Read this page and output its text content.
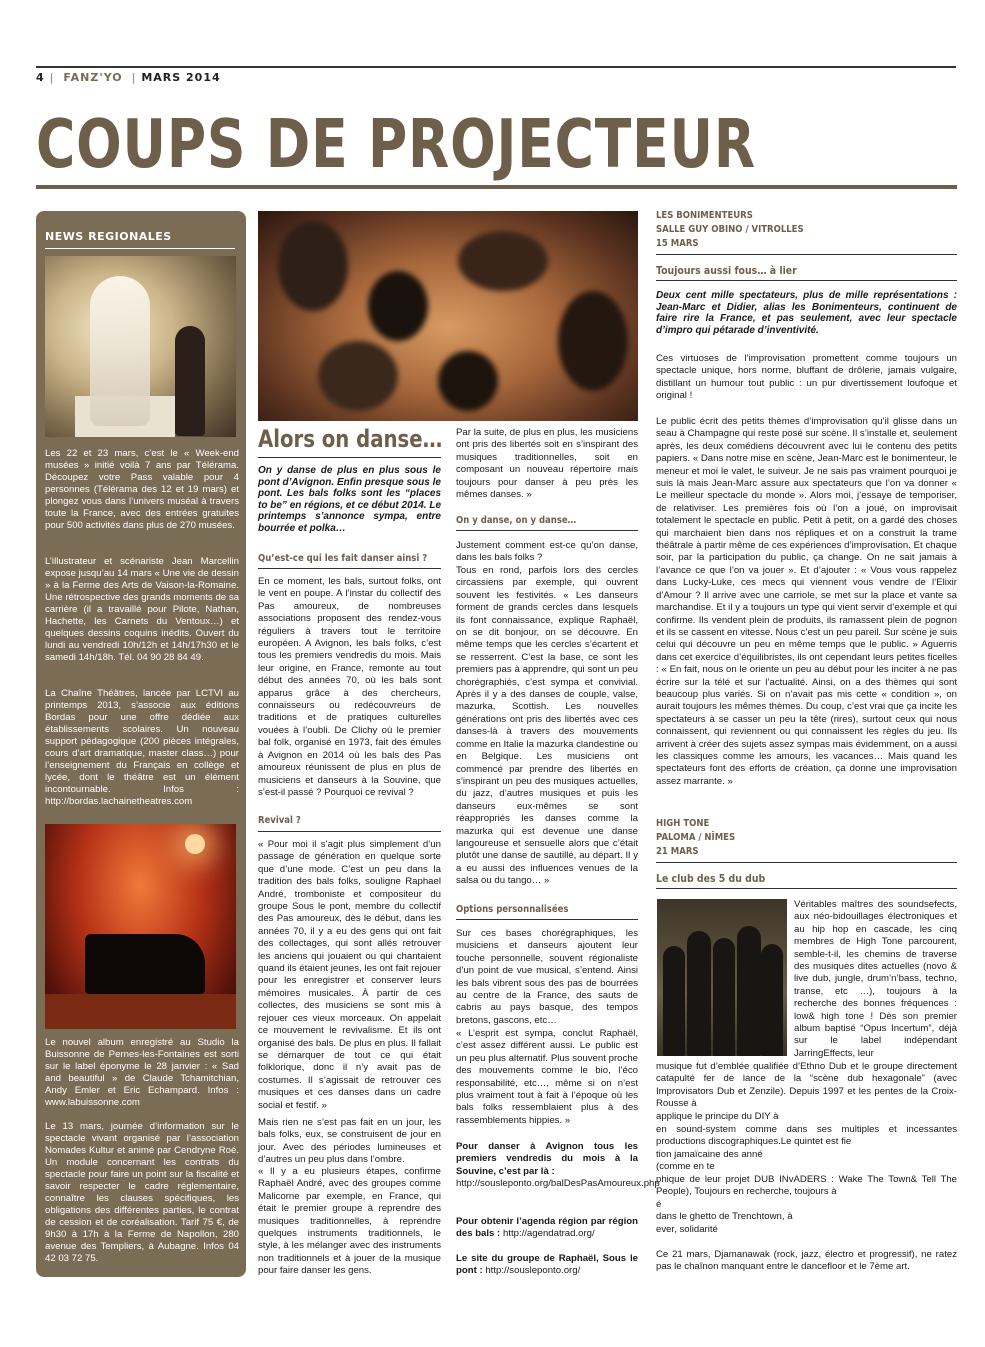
4 | FANZ'YO | MARS 2014
COUPS DE PROJECTEUR
NEWS REGIONALES
Les 22 et 23 mars, c’est le « Week-end musées » initié voilà 7 ans par Télérama. Découpez votre Pass valable pour 4 personnes (Télérama des 12 et 19 mars) et plongez vous dans l’univers muséal à travers toute la France, avec des entrées gratuites pour 500 activités dans plus de 270 musées.
L’illustrateur et scénariste Jean Marcellin expose jusqu’au 14 mars « Une vie de dessin » à la Ferme des Arts de Vaison-la-Romaine. Une rétrospective des grands moments de sa carrière (il a travaillé pour Pilote, Nathan, Hachette, les Carnets du Ventoux…) et quelques dessins coquins inédits. Ouvert du lundi au vendredi 10h/12h et 14h/17h30 et le samedi 14h/18h. Tél. 04 90 28 84 49.
La Chaîne Théâtres, lancée par LCTVI au printemps 2013, s’associe aux éditions Bordas pour une offre dédiée aux établissements scolaires. Un nouveau support pédagogique (200 pièces intégrales, cours d’art dramatique, master class…) pour l’enseignement du Français en collège et lycée, dont le théâtre est un élément incontournable. Infos : http://bordas.lachainetheatres.com
Le nouvel album enregistré au Studio la Buissonne de Pernes-les-Fontaines est sorti sur le label éponyme le 28 janvier : « Sad and beautiful » de Claude Tchamitchian, Andy Emler et Eric Echampard. Infos : www.labuissonne.com
Le 13 mars, journée d’information sur le spectacle vivant organisé par l’association Nomades Kultur et animé par Cendryne Roé. Un module concernant les contrats du spectacle pour faire un point sur la fiscalité et savoir respecter le cadre réglementaire, connaître les clauses spécifiques, les obligations des différentes parties, le contrat de cession et de coréalisation. Tarif 75 €, de 9h30 à 17h à la Ferme de Napollon, 280 avenue des Templiers, à Aubagne. Infos 04 42 03 72 75.
Alors on danse…
On y danse de plus en plus sous le pont d’Avignon. Enfin presque sous le pont. Les bals folks sont les “places to be” en régions, et ce début 2014. Le printemps s’annonce sympa, entre bourrée et polka…
Qu’est-ce qui les fait danser ainsi ?
En ce moment, les bals, surtout folks, ont le vent en poupe. A l’instar du collectif des Pas amoureux, de nombreuses associations proposent des rendez-vous réguliers à travers tout le territoire européen. A Avignon, les bals folks, c’est tous les premiers vendredis du mois. Mais leur origine, en France, remonte au tout début des années 70, où les bals sont apparus grâce à des chercheurs, connaisseurs ou redécouvreurs de traditions et de pratiques culturelles vouées à l’oubli. De Clichy où le premier bal folk, organisé en 1973, fait des émules à Avignon en 2014 où les bals des Pas amoureux réunissent de plus en plus de musiciens et danseurs à la Souvine, que s’est-il passé ? Pourquoi ce revival ?
Revival ?
« Pour moi il s’agit plus simplement d’un passage de génération en quelque sorte que d’une mode. C’est un peu dans la tradition des bals folks, souligne Raphael André, tromboniste et compositeur du groupe Sous le pont, membre du collectif des Pas amoureux, dès le début, dans les années 70, il y a eu des gens qui ont fait des collectages, qui sont allés retrouver les anciens qui jouaient ou qui chantaient quand ils étaient jeunes, les ont fait rejouer pour les enregistrer et conserver leurs mémoires musicales. À partir de ces collectes, des musiciens se sont mis à rejouer ces vieux morceaux. On appelait ce mouvement le revivalisme. Et ils ont organisé des bals. De plus en plus. Il fallait se démarquer de tout ce qui était folklorique, donc il n’y avait pas de costumes. Il s’agissait de retrouver ces musiques et ces danses dans un cadre social et festif. »
Mais rien ne s’est pas fait en un jour, les bals folks, eux, se construisent de jour en jour. Avec des périodes lumineuses et d’autres un peu plus dans l’ombre.
« Il y a eu plusieurs étapes, confirme Raphaël André, avec des groupes comme Malicorne par exemple, en France, qui était le premier groupe à reprendre des musiques traditionnelles, à reprendre quelques instruments traditionnels, le style, à les mélanger avec des instruments non traditionnels et à jouer de la musique pour faire danser les gens.
Par la suite, de plus en plus, les musiciens ont pris des libertés soit en s’inspirant des musiques traditionnelles, soit en composant un nouveau répertoire mais toujours pour danser à peu près les mêmes danses. »
On y danse, on y danse…
Justement comment est-ce qu’on danse, dans les bals folks ?
Tous en rond, parfois lors des cercles circassiens par exemple, qui ouvrent souvent les festivités. « Les danseurs forment de grands cercles dans lesquels ils font connaissance, explique Raphaël, on se dit bonjour, on se découvre. En même temps que les cercles s’écartent et se resserrent. C’est la base, ce sont les premiers pas à apprendre, qui sont un peu chorégraphiés, c’est sympa et convivial. Après il y a des danses de couple, valse, mazurka, Scottish. Les nouvelles générations ont pris des libertés avec ces danses-là à travers des mouvements comme en Italie la mazurka clandestine ou en Belgique. Les musiciens ont commencé par prendre des libertés en s’inspirant un peu des musiques actuelles, du jazz, d’autres musiques et puis les danseurs eux-mêmes se sont réappropriés les danses comme la mazurka qui est devenue une danse langoureuse et sensuelle alors que c’était plutôt une danse de sautillé, au départ. Il y a eu aussi des influences venues de la salsa ou du tango… »
Options personnalisées
Sur ces bases chorégraphiques, les musiciens et danseurs ajoutent leur touche personnelle, souvent régionaliste d’un point de vue musical, s’entend. Ainsi les bals vibrent sous des pas de bourrées au centre de la France, des sauts de cabris au pays basque, des tempos bretons, gascons, etc…
« L’esprit est sympa, conclut Raphaël, c’est assez différent aussi. Le public est un peu plus alternatif. Plus souvent proche des mouvements comme le bio, l’éco responsabilité, etc…, même si on n’est plus vraiment tout à fait à l’époque où les bals folks ressemblaient plus à des rassemblements hippies. »
Pour danser à Avignon tous les premiers vendredis du mois à la Souvine, c’est par là :
http://sousleponto.org/balDesPasAmoureux.php
Pour obtenir l’agenda région par région des bals : http://agendatrad.org/
Le site du groupe de Raphaël, Sous le pont : http://sousleponto.org/
LES BONIMENTEURS
SALLE GUY OBINO / VITROLLES
15 MARS
Toujours aussi fous… à lier
Deux cent mille spectateurs, plus de mille représentations : Jean-Marc et Didier, alias les Bonimenteurs, continuent de faire rire la France, et pas seulement, avec leur spectacle d’impro qui pétarade d’inventivité.
Ces virtuoses de l’improvisation promettent comme toujours un spectacle unique, hors norme, bluffant de drôlerie, jamais vulgaire, distillant un humour tout public : un pur divertissement loufoque et original !
Le public écrit des petits thèmes d’improvisation qu’il glisse dans un seau à Champagne qui reste posé sur scène. Il s’installe et, seulement après, les deux comédiens découvrent avec lui le contenu des petits papiers. « Dans notre mise en scène, Jean-Marc est le bonimenteur, le meneur et moi le valet, le suiveur. Je ne sais pas vraiment pourquoi je suis là mais Jean-Marc assure aux spectateurs que l’on va donner « Le meilleur spectacle du monde ». Alors moi, j’essaye de temporiser, de relativiser. Les premières fois où l’on a joué, on improvisait totalement le spectacle en public. Petit à petit, on a gardé des choses qui marchaient bien dans nos répliques et on a construit la trame théâtrale à partir même de ces expériences d’improvisation. Et chaque soir, par la participation du public, ça change. On ne sait jamais à l’avance ce que l’on va jouer ». Et d’ajouter : « Vous vous rappelez dans Lucky-Luke, ces mecs qui viennent vous vendre de l’Elixir d’Amour ? Il arrive avec une carriole, se met sur la place et vante sa marchandise. Et il y a toujours un type qui vient servir d’exemple et qui confirme. Ils vendent plein de produits, ils ramassent plein de pognon et ils se cassent en vitesse. Nous c’est un peu pareil. Sur scène je suis celui qui découvre un peu en même temps que le public. » Aguerris dans cet exercice d’équilibristes, ils ont cependant leurs petites ficelles : « En fait, nous on le oriente un peu au début pour les inciter à ne pas écrire sur la télé et sur l’actualité. Ainsi, on a des thèmes qui sont beaucoup plus variés. Si on n’avait pas mis cette « condition », on aurait toujours les mêmes thèmes. Du coup, c’est vrai que ça incite les spectateurs à se casser un peu la tête (rires), surtout ceux qui nous connaissent, qui reviennent ou qui connaissent les règles du jeu. Ils arrivent à créer des sujets assez sympas mais évidemment, on a aussi les classiques comme les amours, les vacances… Mais quand les spectateurs font des efforts de création, ça donne une improvisation assez marrante. »
HIGH TONE
PALOMA / NÎMES
21 MARS
Le club des 5 du dub
Véritables maîtres des soundsefects, aux néo-bidouillages électroniques et au hip hop en cascade, les cinq membres de High Tone parcourent, semble-t-il, les chemins de traverse des musiques dites actuelles (novo & live dub, jungle, drum’n’bass, techno, transe, etc …), toujours à la recherche des bonnes fréquences : low& high tone ! Dès son premier album baptisé “Opus Incertum”, déjà sur le label indépendant JarringEffects, leur
musique fut d’emblée qualifiée d’Ethno Dub et le groupe directement catapulté fer de lance de la “scène dub hexagonale” (avec Improvisators Dub et Zenzile). Depuis 1997 et les pentes de la Croix-Rousse à
applique le principe du DIY à
en sound-system comme dans ses multiples et incessantes productions discographiques.Le quintet est fie
tion jamaïcaine des anné
(comme en te
phique de leur projet DUB INvADERS : Wake The Town& Tell The People), Toujours en recherche, toujours à
é
dans le ghetto de Trenchtown, à
ever, solidarité
Ce 21 mars, Djamanawak (rock, jazz, électro et progressif), ne ratez pas le chaînon manquant entre le dancefloor et le 7ème art.
